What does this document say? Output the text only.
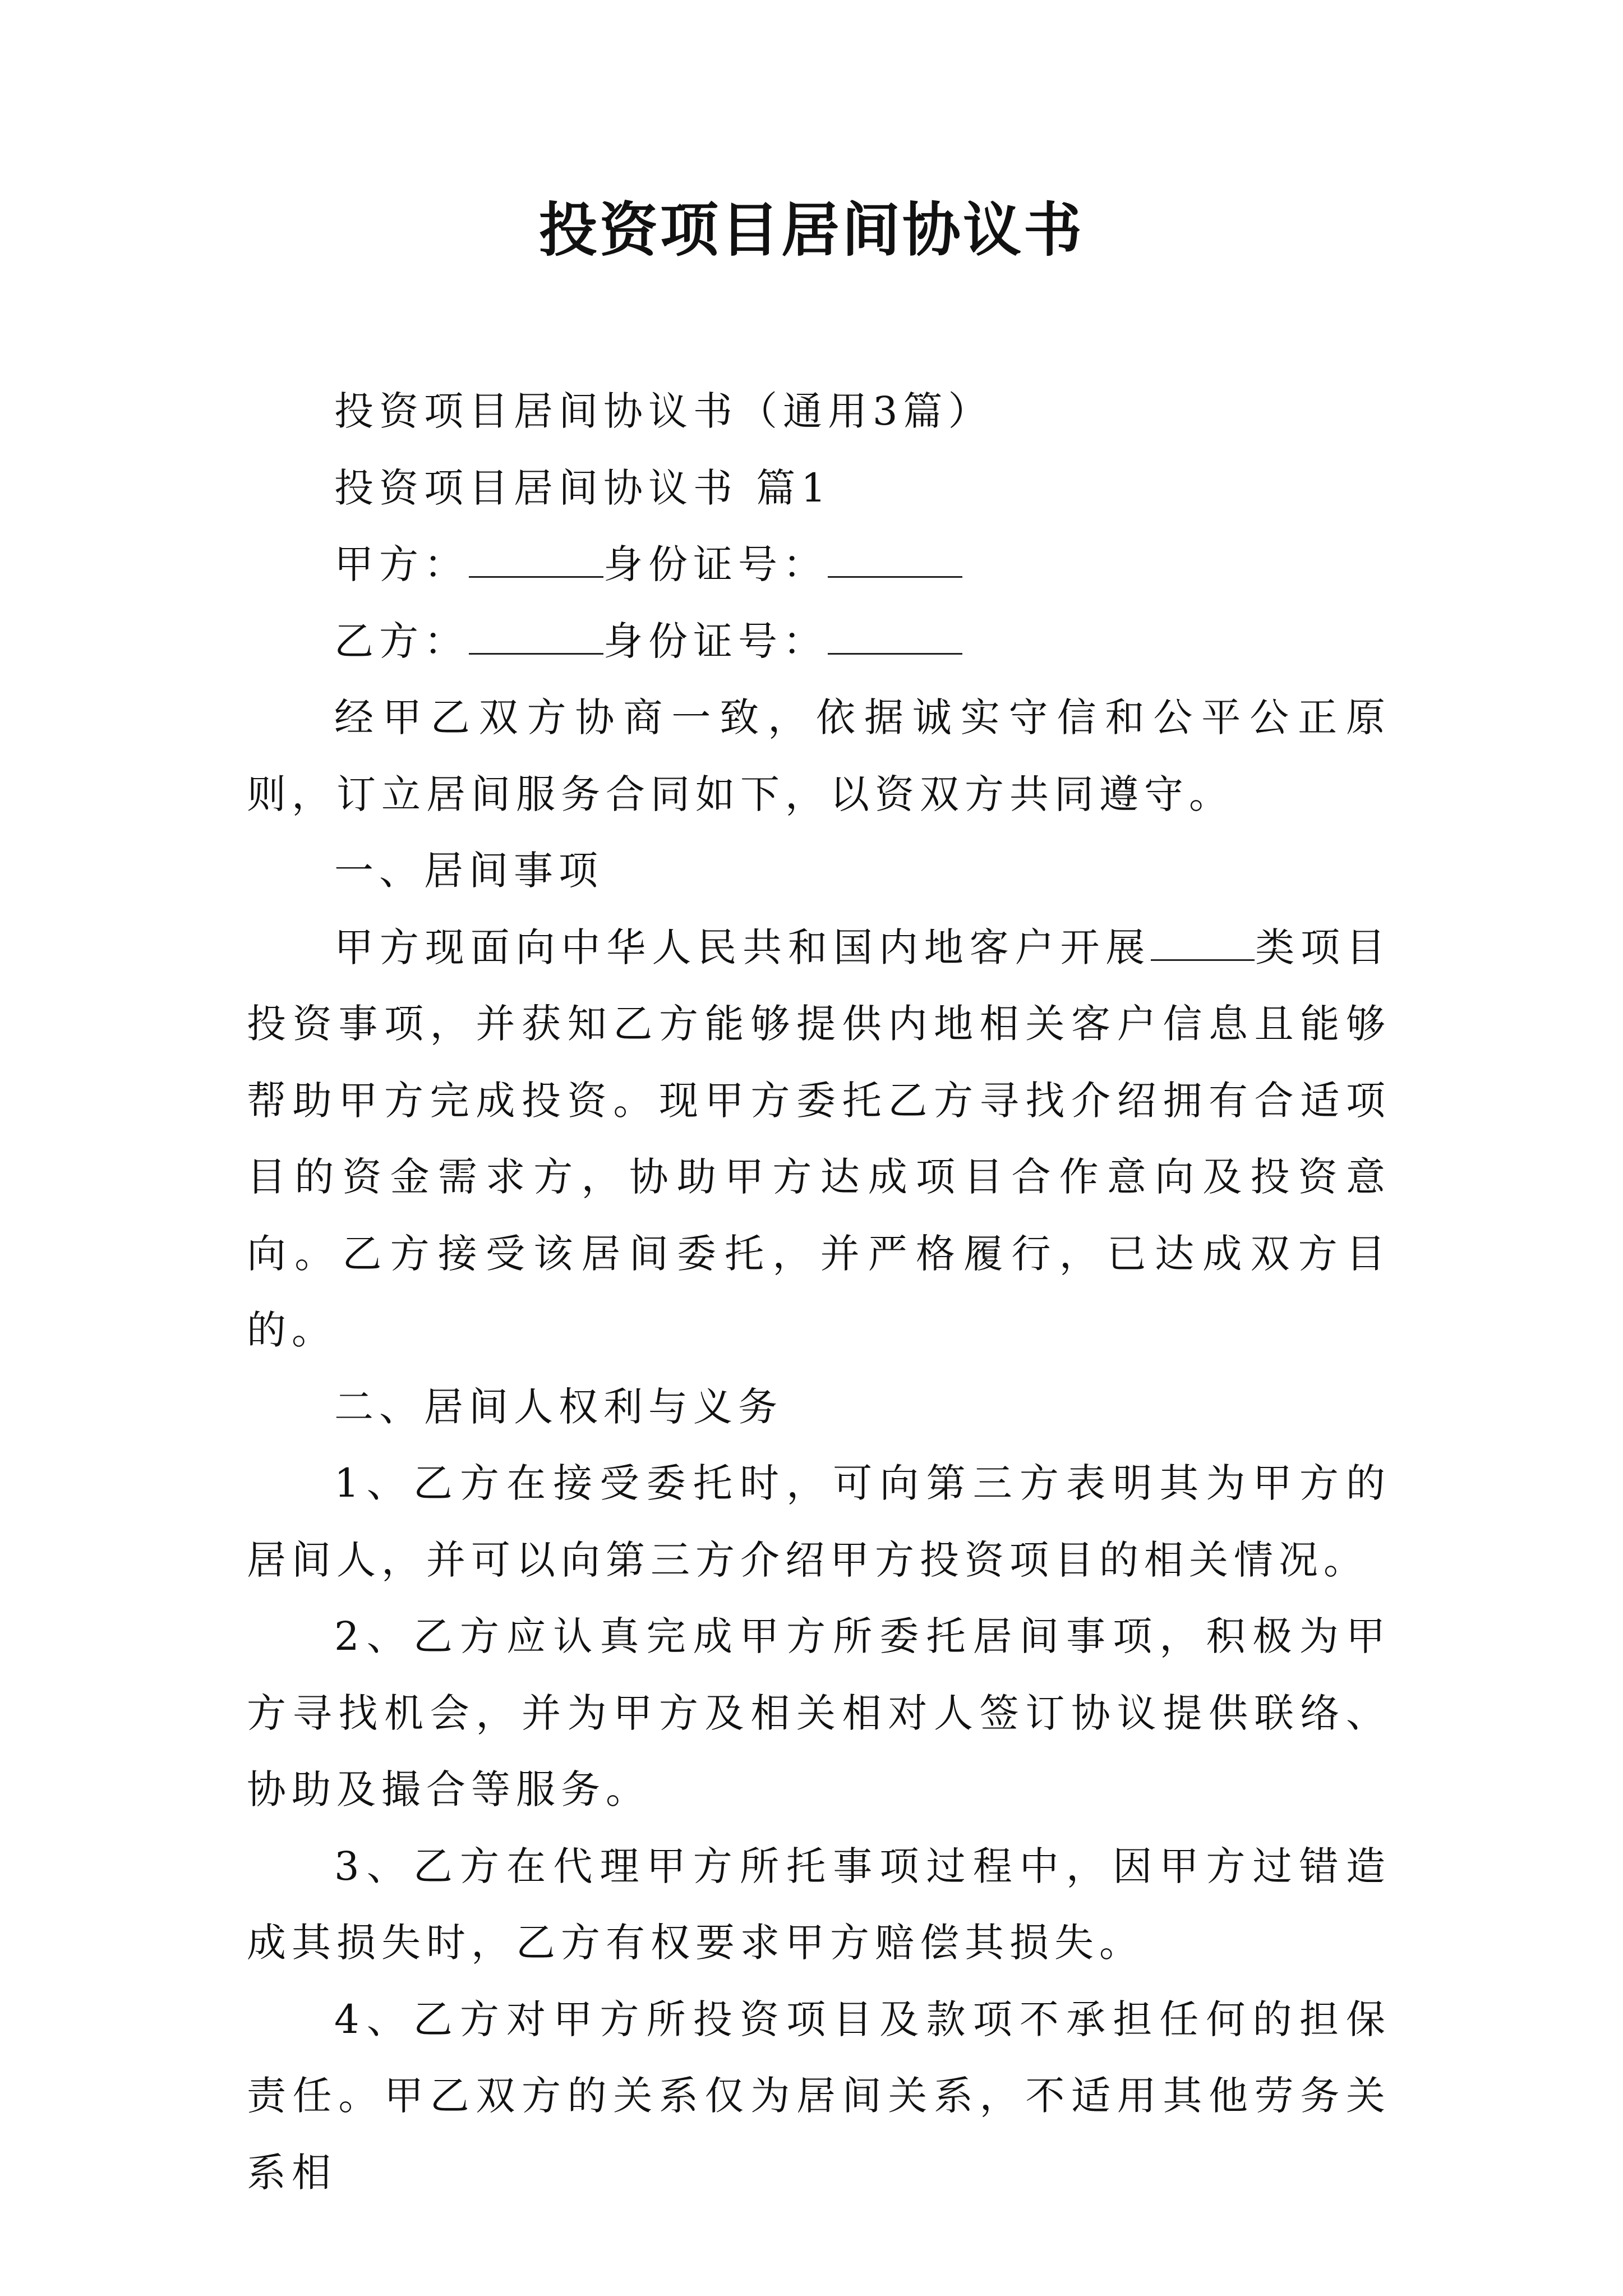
投资项目居间协议书

投资项目居间协议书（通用3篇）

投资项目居间协议书 篇1

甲方：	身份证号：

乙方：	身份证号：

经甲乙双方协商一致，依据诚实守信和公平公正原则，订立居间服务合同如下，以资双方共同遵守。

一、居间事项

甲方现面向中华人民共和国内地客户开展	类项目投资事项，并获知乙方能够提供内地相关客户信息且能够帮助甲方完成投资。现甲方委托乙方寻找介绍拥有合适项目的资金需求方，协助甲方达成项目合作意向及投资意向。乙方接受该居间委托，并严格履行，已达成双方目的。

二、居间人权利与义务

1、乙方在接受委托时，可向第三方表明其为甲方的居间人，并可以向第三方介绍甲方投资项目的相关情况。

2、乙方应认真完成甲方所委托居间事项，积极为甲方寻找机会，并为甲方及相关相对人签订协议提供联络、协助及撮合等服务。

3、乙方在代理甲方所托事项过程中，因甲方过错造成其损失时，乙方有权要求甲方赔偿其损失。

4、乙方对甲方所投资项目及款项不承担任何的担保责任。甲乙双方的关系仅为居间关系，不适用其他劳务关系相
